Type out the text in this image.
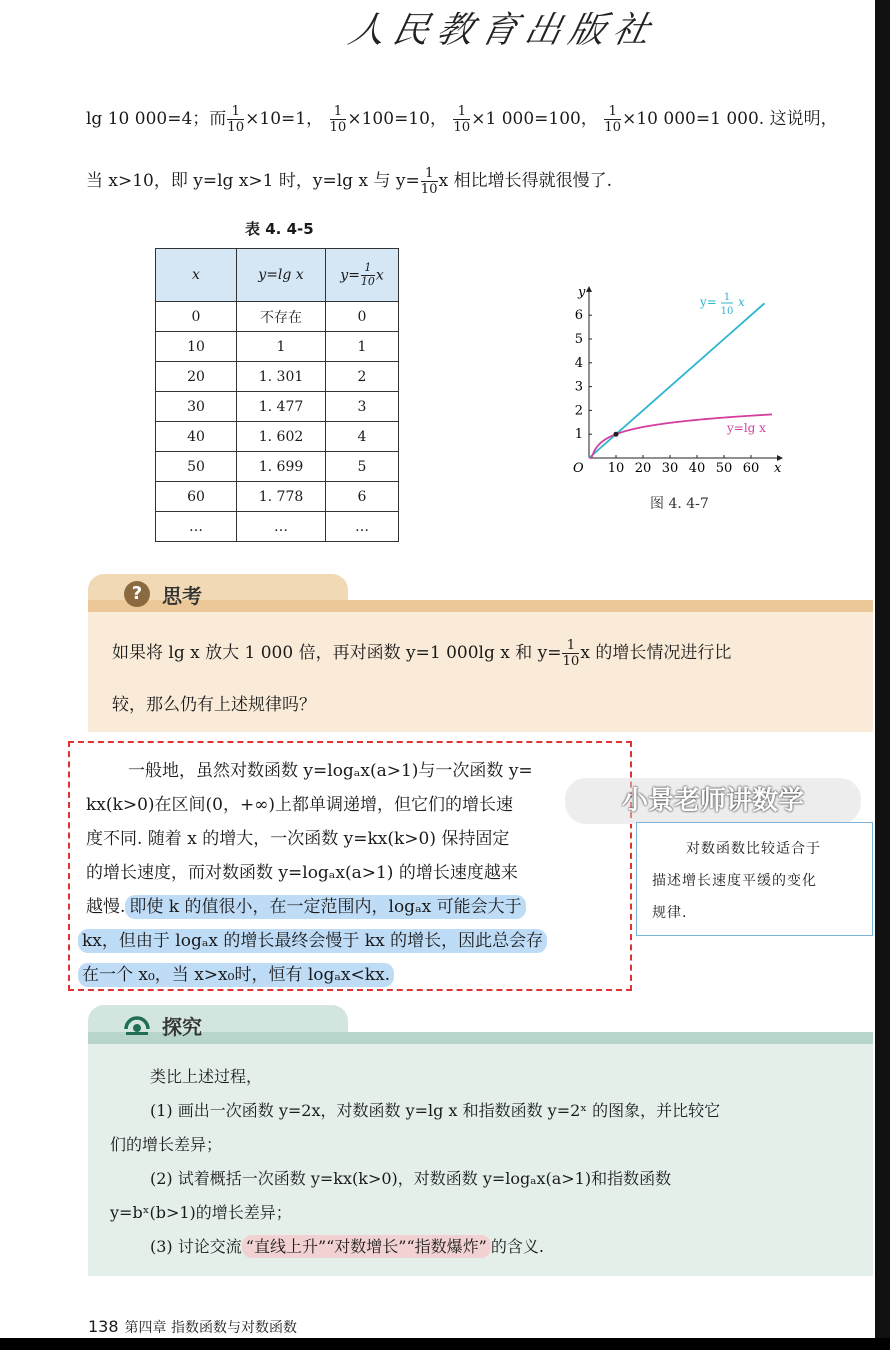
人民教育出版社
lg 10 000=4；而 $\frac{1}{10} \times 10=1$， $\frac{1}{10} \times 100=10$， $\frac{1}{10} \times 1$ 000=100， $\frac{1}{10} \times 10$ 000=1 000. 这说明，
当 x>10，即 y=lg x>1 时，y=lg x 与 $y= \frac{1}{10}$ x 相比增长得就很慢了.
表 4. 4-5
x	y=lg x	$y= \frac{1}{10}$ x
0	不存在	0
10	1	1
20	1. 301	2
30	1. 477	3
40	1. 602	4
50	1. 699	5
60	1. 778	6
…	…	…
x
y
O 10 20 30 40 50 60
1
2
3
4
5
6
y= 1
10
x
y=lg x
图 4. 4-7
? 思考
如果将 lg x 放大 1 000 倍，再对函数 y=1 000lg x 和 $y= \frac{1}{10}$ x 的增长情况进行比
较，那么仍有上述规律吗？
一般地，虽然对数函数 y=logₐx(a>1)与一次函数 y=
kx(k>0)在区间(0，+∞)上都单调递增，但它们的增长速
度不同. 随着 x 的增大，一次函数 y=kx(k>0) 保持固定
的增长速度，而对数函数 y=logₐx(a>1) 的增长速度越来
越慢. 即使 k 的值很小，在一定范围内，logₐx 可能会大于
kx，但由于 logₐx 的增长最终会慢于 kx 的增长，因此总会存
在一个 x₀，当 x>x₀时，恒有 logₐx<kx.
小景老师讲数学
对数函数比较适合于
描述增长速度平缓的变化
规律.
探究
类比上述过程，
(1) 画出一次函数 y=2x，对数函数 y=lg x 和指数函数 y=2ˣ 的图象，并比较它
们的增长差异；
(2) 试着概括一次函数 y=kx(k>0)，对数函数 y=logₐx(a>1)和指数函数
y=bˣ(b>1)的增长差异；
(3) 讨论交流 “直线上升”“对数增长”“指数爆炸” 的含义.
138 第四章 指数函数与对数函数
